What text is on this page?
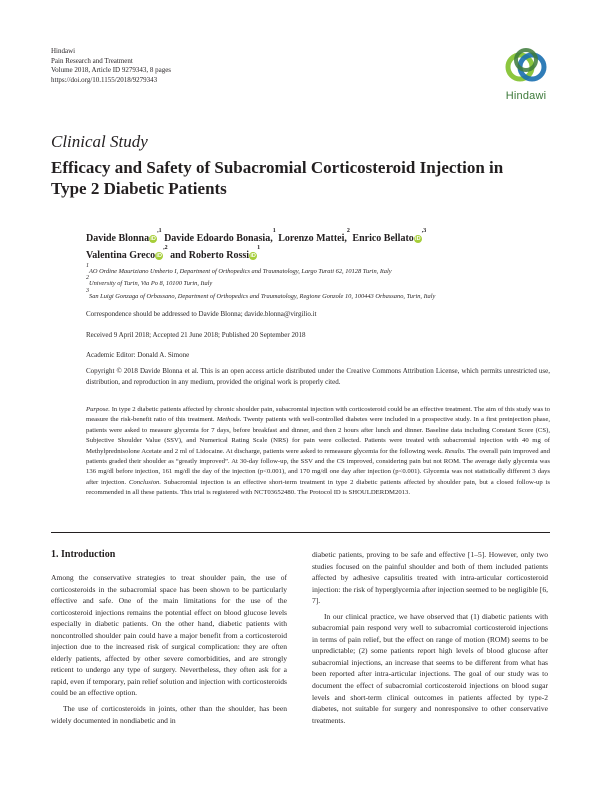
Hindawi
Pain Research and Treatment
Volume 2018, Article ID 9279343, 8 pages
https://doi.org/10.1155/2018/9279343
Hindawi
Clinical Study
Efficacy and Safety of Subacromial Corticosteroid Injection in Type 2 Diabetic Patients
Davide BlonnaiD$^{,1}$ Davide Edoardo Bonasia,$^1$ Lorenzo Mattei,$^2$ Enrico BellatoiD$^{,3}$
Valentina GrecoiD$^{,2}$ and Roberto RossiiD$^1$
$^1$AO Ordine Mauriziano Umberto I, Department of Orthopedics and Traumatology, Largo Turati 62, 10128 Turin, Italy
$^2$University of Turin, Via Po 8, 10100 Turin, Italy
$^3$San Luigi Gonzaga of Orbassano, Department of Orthopedics and Traumatology, Regione Gonzole 10, 100443 Orbassano, Turin, Italy
Correspondence should be addressed to Davide Blonna; davide.blonna@virgilio.it
Received 9 April 2018; Accepted 21 June 2018; Published 20 September 2018
Academic Editor: Donald A. Simone
Copyright © 2018 Davide Blonna et al. This is an open access article distributed under the Creative Commons Attribution License, which permits unrestricted use, distribution, and reproduction in any medium, provided the original work is properly cited.
Purpose. In type 2 diabetic patients affected by chronic shoulder pain, subacromial injection with corticosteroid could be an effective treatment. The aim of this study was to measure the risk-benefit ratio of this treatment. Methods. Twenty patients with well-controlled diabetes were included in a prospective study. In a first preinjection phase, patients were asked to measure glycemia for 7 days, before breakfast and dinner, and then 2 hours after lunch and dinner. Baseline data including Constant Score (CS), Subjective Shoulder Value (SSV), and Numerical Rating Scale (NRS) for pain were collected. Patients were treated with subacromial injection with 40 mg of Methylprednisolone Acetate and 2 ml of Lidocaine. At discharge, patients were asked to remeasure glycemia for the following week. Results. The overall pain improved and patients graded their shoulder as “greatly improved”. At 30-day follow-up, the SSV and the CS improved, considering pain but not ROM. The average daily glycemia was 136 mg/dl before injection, 161 mg/dl the day of the injection (p<0.001), and 170 mg/dl one day after injection (p<0.001). Glycemia was not statistically different 3 days after injection. Conclusion. Subacromial injection is an effective short-term treatment in type 2 diabetic patients affected by shoulder pain, but a closed follow-up is recommended in all these patients. This trial is registered with NCT03652480. The Protocol ID is SHOULDERDM2013.
1. Introduction

Among the conservative strategies to treat shoulder pain, the use of corticosteroids in the subacromial space has been shown to be particularly effective and safe. One of the main limitations for the use of the corticosteroid injections remains the potential effect on blood glucose levels especially in diabetic patients. On the other hand, diabetic patients with noncontrolled shoulder pain could have a major benefit from a corticosteroid injection due to the increased risk of surgical complication: they are often elderly patients, affected by other severe comorbidities, and are strongly reticent to undergo any type of surgery. Nevertheless, they often ask for a rapid, even if temporary, pain relief solution and injection with corticosteroids could be an effective option.

The use of corticosteroids in joints, other than the shoulder, has been widely documented in nondiabetic and in

diabetic patients, proving to be safe and effective [1–5]. However, only two studies focused on the painful shoulder and both of them included patients affected by adhesive capsulitis treated with intra-articular corticosteroid injection: the risk of hyperglycemia after injection seemed to be negligible [6, 7].

In our clinical practice, we have observed that (1) diabetic patients with subacromial pain respond very well to subacromial corticosteroid injections in terms of pain relief, but the effect on range of motion (ROM) seems to be unpredictable; (2) some patients report high levels of blood glucose after subacromial injections, an increase that seems to be different from what has been reported after intra-articular injections. The goal of our study was to document the effect of subacromial corticosteroid injections on blood sugar levels and short-term clinical outcomes in patients affected by type-2 diabetes, not suitable for surgery and nonresponsive to other conservative treatments.
